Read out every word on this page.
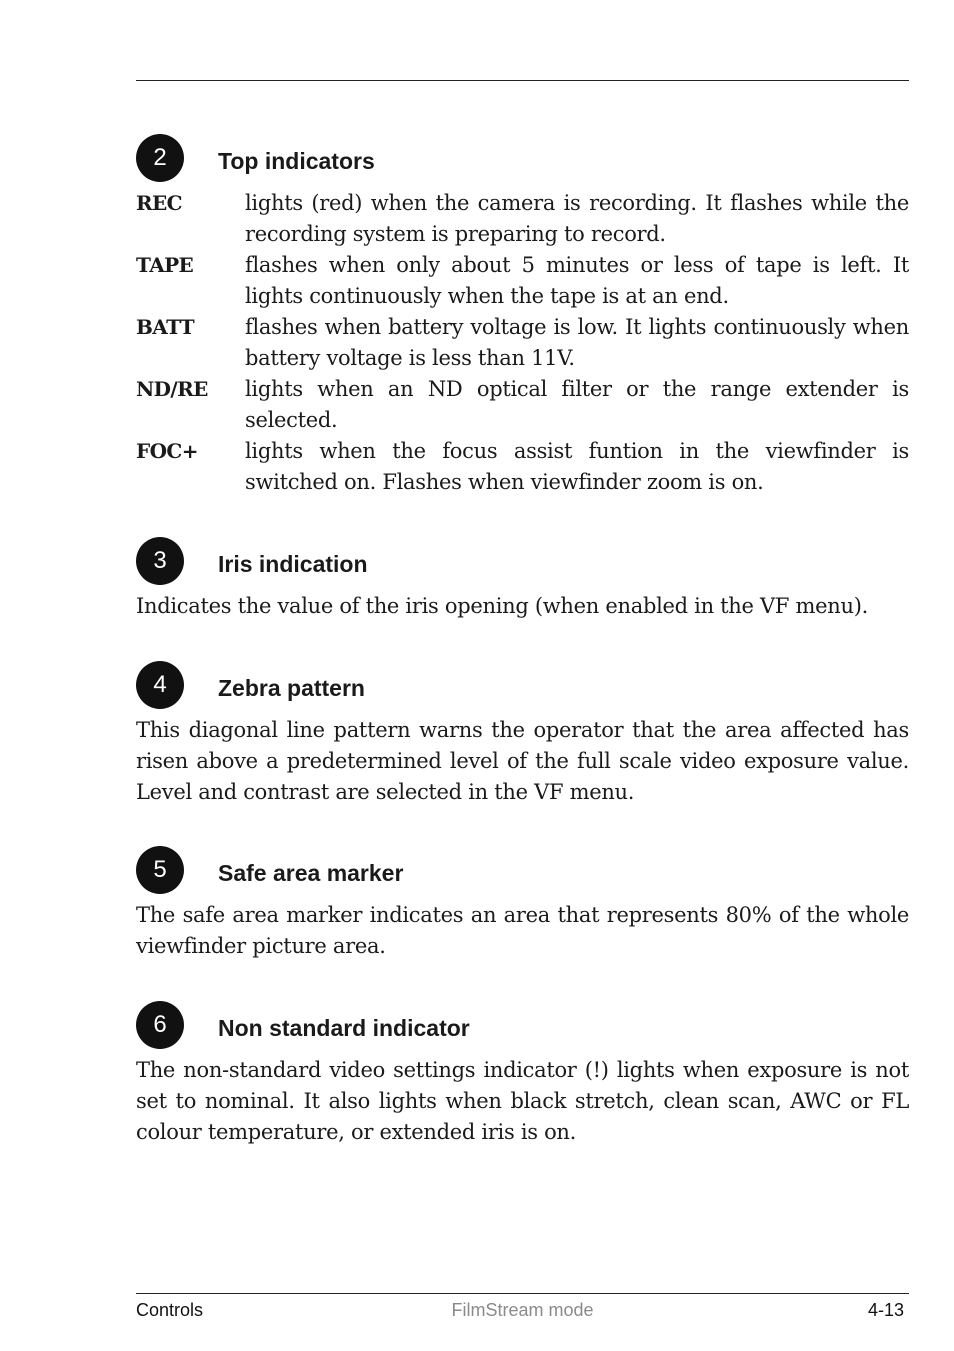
2	Top indicators
REC	lights (red) when the camera is recording. It flashes while the recording system is preparing to record.
TAPE	flashes when only about 5 minutes or less of tape is left. It lights continuously when the tape is at an end.
BATT	flashes when battery voltage is low. It lights continuously when battery voltage is less than 11V.
ND/RE	lights when an ND optical filter or the range extender is selected.
FOC+	lights when the focus assist funtion in the viewfinder is switched on. Flashes when viewfinder zoom is on.
3	Iris indication

Indicates the value of the iris opening (when enabled in the VF menu).

4	Zebra pattern

This diagonal line pattern warns the operator that the area affected has risen above a predetermined level of the full scale video exposure value. Level and contrast are selected in the VF menu.

5	Safe area marker

The safe area marker indicates an area that represents 80% of the whole viewfinder picture area.

6	Non standard indicator

The non-standard video settings indicator (!) lights when exposure is not set to nominal. It also lights when black stretch, clean scan, AWC or FL colour temperature, or extended iris is on.

Controls	FilmStream mode	4-13
